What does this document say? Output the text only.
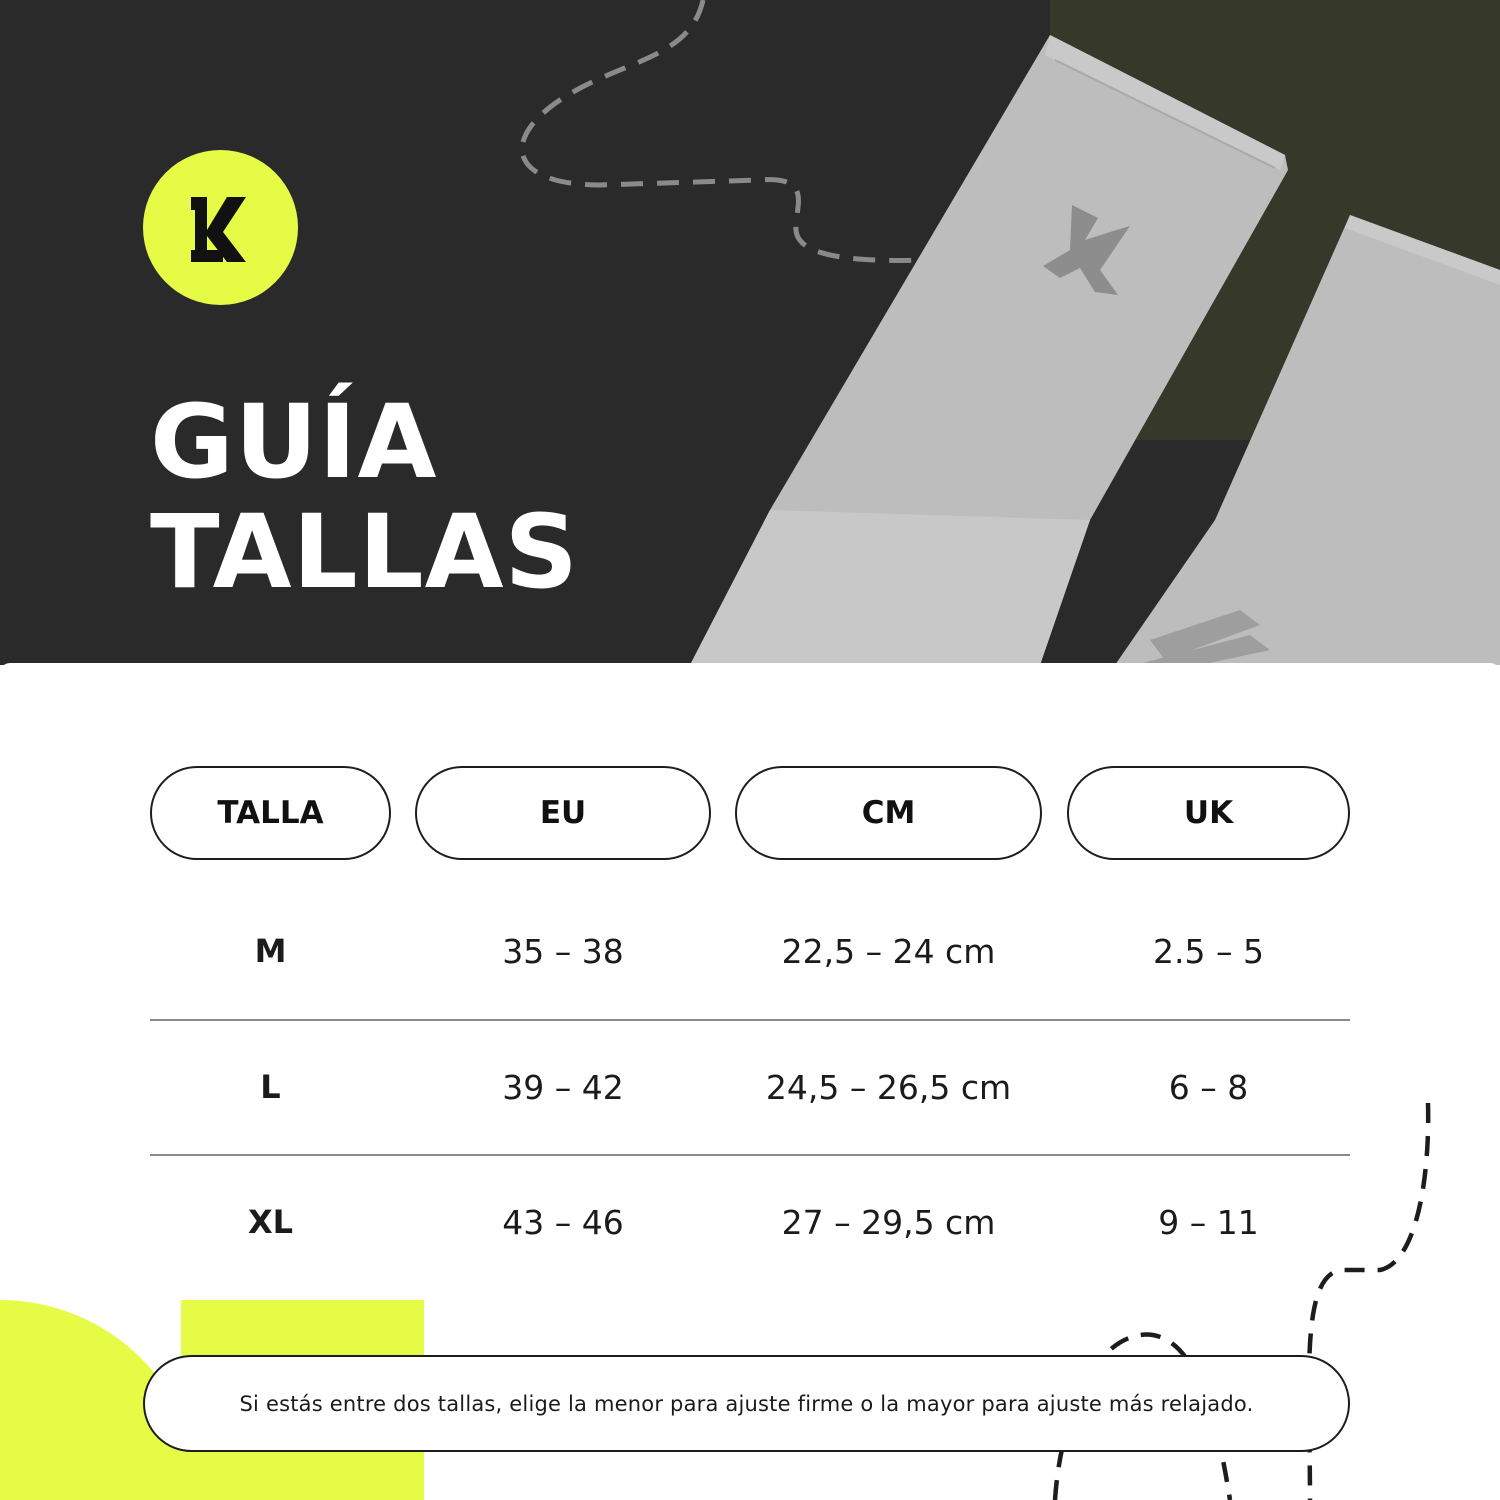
GUÍA
TALLAS
TALLA	EU	CM	UK
M	35 – 38	22,5 – 24 cm	2.5 – 5
L	39 – 42	24,5 – 26,5 cm	6 – 8
XL	43 – 46	27 – 29,5 cm	9 – 11
Si estás entre dos tallas, elige la menor para ajuste firme o la mayor para ajuste más relajado.
